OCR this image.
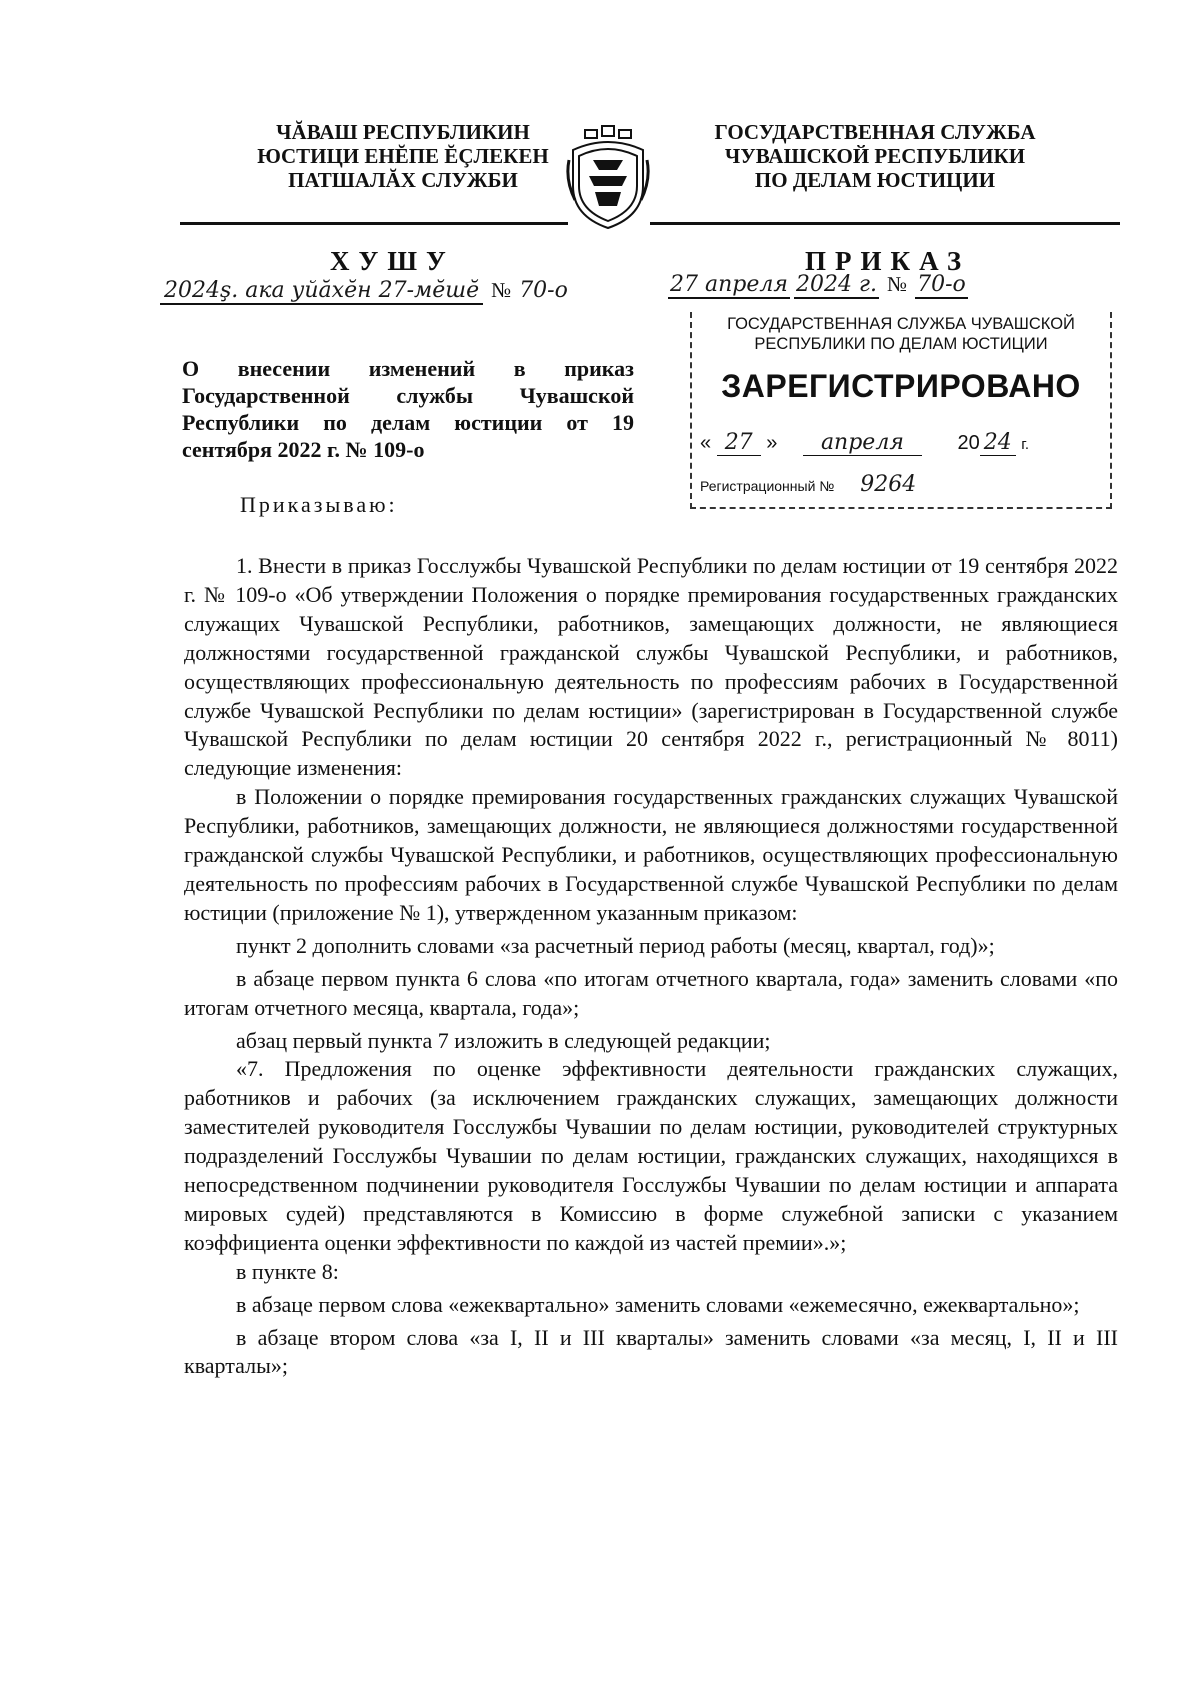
ЧĂВАШ РЕСПУБЛИКИН
ЮСТИЦИ ЕНĔПЕ ĔÇЛЕКЕН
ПАТШАЛĂХ СЛУЖБИ
ГОСУДАРСТВЕННАЯ СЛУЖБА
ЧУВАШСКОЙ РЕСПУБЛИКИ
ПО ДЕЛАМ ЮСТИЦИИ
ХУШУ	ПРИКАЗ
2024ş. ака уйăхĕн 27-мĕшĕ № 70-о	27 апреля 2024 г. № 70-о
О внесении изменений в приказ Государственной службы Чувашской Республики по делам юстиции от 19 сентября 2022 г. № 109-о
ГОСУДАРСТВЕННАЯ СЛУЖБА ЧУВАШСКОЙ
РЕСПУБЛИКИ ПО ДЕЛАМ ЮСТИЦИИ
ЗАРЕГИСТРИРОВАНО
« 27 » апреля	20 24 г.
Регистрационный № 9264
Приказываю:

1. Внести в приказ Госслужбы Чувашской Республики по делам юстиции от 19 сентября 2022 г. № 109-о «Об утверждении Положения о порядке премирования государственных гражданских служащих Чувашской Республики, работников, замещающих должности, не являющиеся должностями государственной гражданской службы Чувашской Республики, и работников, осуществляющих профессиональную деятельность по профессиям рабочих в Государственной службе Чувашской Республики по делам юстиции» (зарегистрирован в Государственной службе Чувашской Республики по делам юстиции 20 сентября 2022 г., регистрационный № 8011) следующие изменения:

в Положении о порядке премирования государственных гражданских служащих Чувашской Республики, работников, замещающих должности, не являющиеся должностями государственной гражданской службы Чувашской Республики, и работников, осуществляющих профессиональную деятельность по профессиям рабочих в Государственной службе Чувашской Республики по делам юстиции (приложение № 1), утвержденном указанным приказом:

пункт 2 дополнить словами «за расчетный период работы (месяц, квартал, год)»;

в абзаце первом пункта 6 слова «по итогам отчетного квартала, года» заменить словами «по итогам отчетного месяца, квартала, года»;

абзац первый пункта 7 изложить в следующей редакции;

«7. Предложения по оценке эффективности деятельности гражданских служащих, работников и рабочих (за исключением гражданских служащих, замещающих должности заместителей руководителя Госслужбы Чувашии по делам юстиции, руководителей структурных подразделений Госслужбы Чувашии по делам юстиции, гражданских служащих, находящихся в непосредственном подчинении руководителя Госслужбы Чувашии по делам юстиции и аппарата мировых судей) представляются в Комиссию в форме служебной записки с указанием коэффициента оценки эффективности по каждой из частей премии».»;

в пункте 8:

в абзаце первом слова «ежеквартально» заменить словами «ежемесячно, ежеквартально»;

в абзаце втором слова «за I, II и III кварталы» заменить словами «за месяц, I, II и III кварталы»;
